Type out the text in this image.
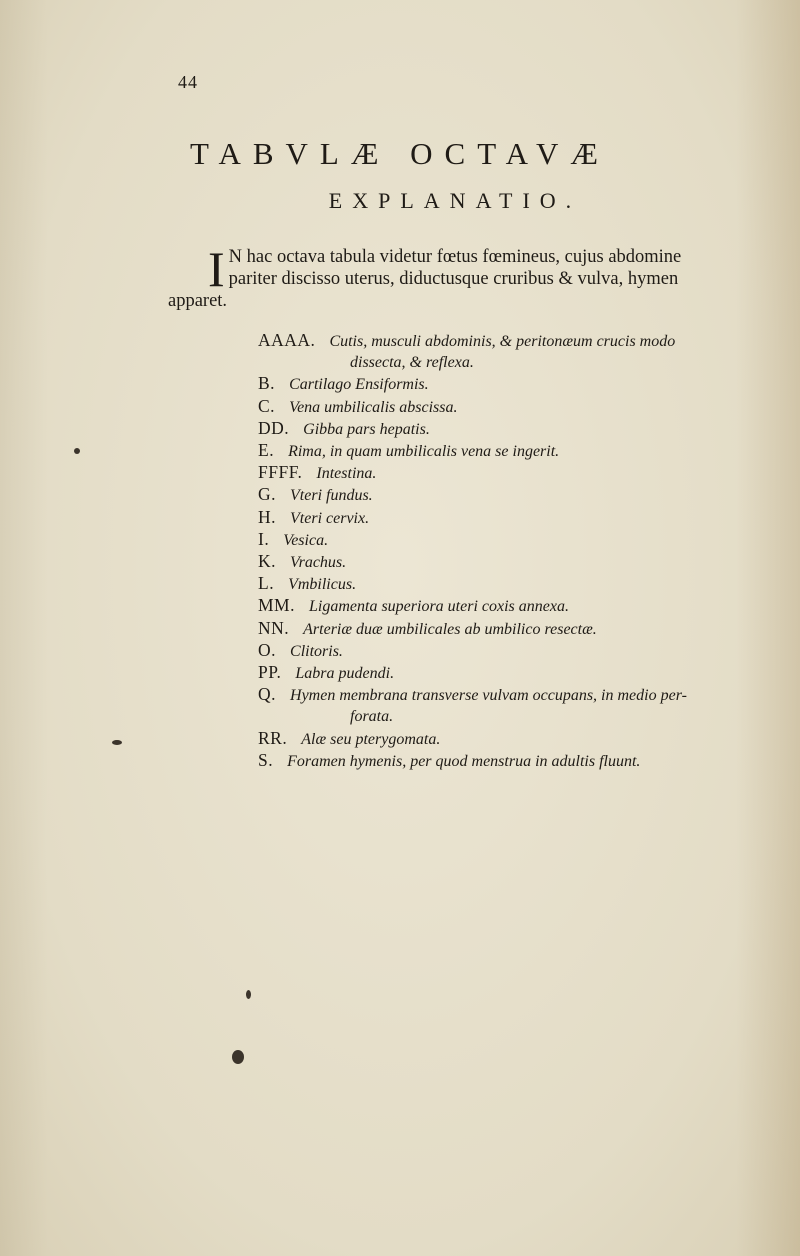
44
TABVLÆ OCTAVÆ
EXPLANATIO.
I N hac octava tabula videtur fœtus fœmineus, cujus abdomine
pariter discisso uterus, diductusque cruribus & vulva, hymen
apparet.
AAAA. Cutis, musculi abdominis, & peritonæum crucis modo
dissecta, & reflexa.
B. Cartilago Ensiformis.
C. Vena umbilicalis abscissa.
DD. Gibba pars hepatis.
E. Rima, in quam umbilicalis vena se ingerit.
FFFF. Intestina.
G. Vteri fundus.
H. Vteri cervix.
I. Vesica.
K. Vrachus.
L. Vmbilicus.
MM. Ligamenta superiora uteri coxis annexa.
NN. Arteriæ duæ umbilicales ab umbilico resectæ.
O. Clitoris.
PP. Labra pudendi.
Q. Hymen membrana transverse vulvam occupans, in medio per-
forata.
RR. Alæ seu pterygomata.
S. Foramen hymenis, per quod menstrua in adultis fluunt.
